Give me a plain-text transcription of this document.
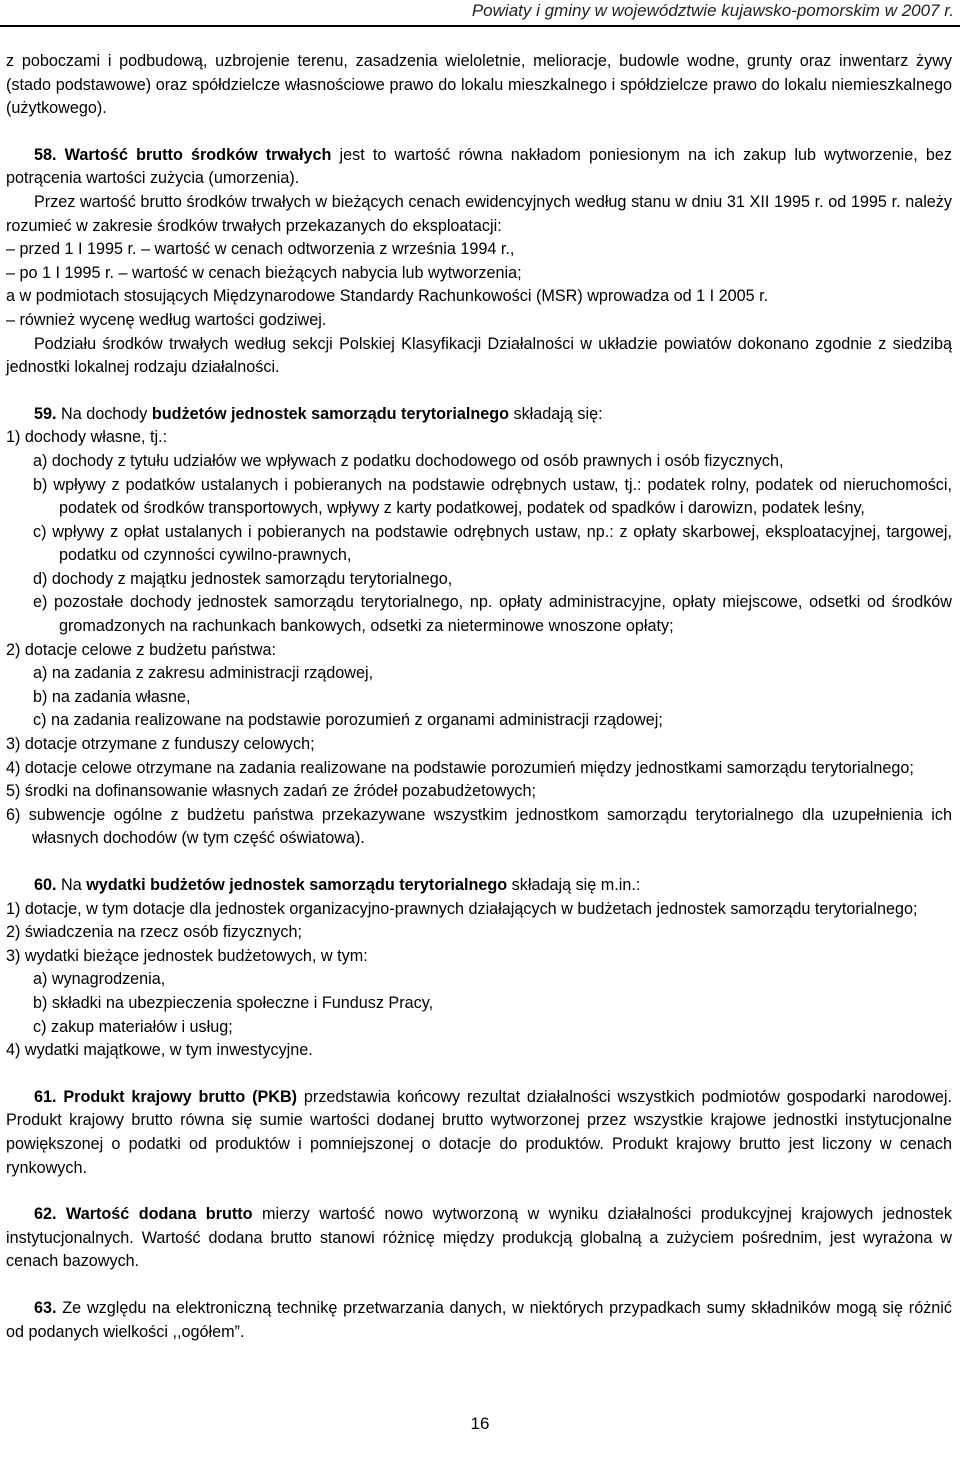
Powiaty i gminy w województwie kujawsko-pomorskim w 2007 r.

z poboczami i podbudową, uzbrojenie terenu, zasadzenia wieloletnie, melioracje, budowle wodne, grunty oraz inwentarz żywy (stado podstawowe) oraz spółdzielcze własnościowe prawo do lokalu mieszkalnego i spółdzielcze prawo do lokalu niemieszkalnego (użytkowego).

58. Wartość brutto środków trwałych jest to wartość równa nakładom poniesionym na ich zakup lub wytworzenie, bez potrącenia wartości zużycia (umorzenia).

Przez wartość brutto środków trwałych w bieżących cenach ewidencyjnych według stanu w dniu 31 XII 1995 r. od 1995 r. należy rozumieć w zakresie środków trwałych przekazanych do eksploatacji:

– przed 1 I 1995 r. – wartość w cenach odtworzenia z września 1994 r.,

– po 1 I 1995 r. – wartość w cenach bieżących nabycia lub wytworzenia;

a w podmiotach stosujących Międzynarodowe Standardy Rachunkowości (MSR) wprowadza od 1 I 2005 r.

– również wycenę według wartości godziwej.

Podziału środków trwałych według sekcji Polskiej Klasyfikacji Działalności w układzie powiatów dokonano zgodnie z siedzibą jednostki lokalnej rodzaju działalności.

59. Na dochody budżetów jednostek samorządu terytorialnego składają się:

1) dochody własne, tj.:

a) dochody z tytułu udziałów we wpływach z podatku dochodowego od osób prawnych i osób fizycznych,

b) wpływy z podatków ustalanych i pobieranych na podstawie odrębnych ustaw, tj.: podatek rolny, podatek od nieruchomości, podatek od środków transportowych, wpływy z karty podatkowej, podatek od spadków i darowizn, podatek leśny,

c) wpływy z opłat ustalanych i pobieranych na podstawie odrębnych ustaw, np.: z opłaty skarbowej, eksploatacyjnej, targowej, podatku od czynności cywilno-prawnych,

d) dochody z majątku jednostek samorządu terytorialnego,

e) pozostałe dochody jednostek samorządu terytorialnego, np. opłaty administracyjne, opłaty miejscowe, odsetki od środków gromadzonych na rachunkach bankowych, odsetki za nieterminowe wnoszone opłaty;

2) dotacje celowe z budżetu państwa:

a) na zadania z zakresu administracji rządowej,

b) na zadania własne,

c) na zadania realizowane na podstawie porozumień z organami administracji rządowej;

3) dotacje otrzymane z funduszy celowych;

4) dotacje celowe otrzymane na zadania realizowane na podstawie porozumień między jednostkami samorządu terytorialnego;

5) środki na dofinansowanie własnych zadań ze źródeł pozabudżetowych;

6) subwencje ogólne z budżetu państwa przekazywane wszystkim jednostkom samorządu terytorialnego dla uzupełnienia ich własnych dochodów (w tym część oświatowa).

60. Na wydatki budżetów jednostek samorządu terytorialnego składają się m.in.:

1) dotacje, w tym dotacje dla jednostek organizacyjno-prawnych działających w budżetach jednostek samorządu terytorialnego;

2) świadczenia na rzecz osób fizycznych;

3) wydatki bieżące jednostek budżetowych, w tym:

a) wynagrodzenia,

b) składki na ubezpieczenia społeczne i Fundusz Pracy,

c) zakup materiałów i usług;

4) wydatki majątkowe, w tym inwestycyjne.

61. Produkt krajowy brutto (PKB) przedstawia końcowy rezultat działalności wszystkich podmiotów gospodarki narodowej. Produkt krajowy brutto równa się sumie wartości dodanej brutto wytworzonej przez wszystkie krajowe jednostki instytucjonalne powiększonej o podatki od produktów i pomniejszonej o dotacje do produktów. Produkt krajowy brutto jest liczony w cenach rynkowych.

62. Wartość dodana brutto mierzy wartość nowo wytworzoną w wyniku działalności produkcyjnej krajowych jednostek instytucjonalnych. Wartość dodana brutto stanowi różnicę między produkcją globalną a zużyciem pośrednim, jest wyrażona w cenach bazowych.

63. Ze względu na elektroniczną technikę przetwarzania danych, w niektórych przypadkach sumy składników mogą się różnić od podanych wielkości ,,ogółem”.

16
